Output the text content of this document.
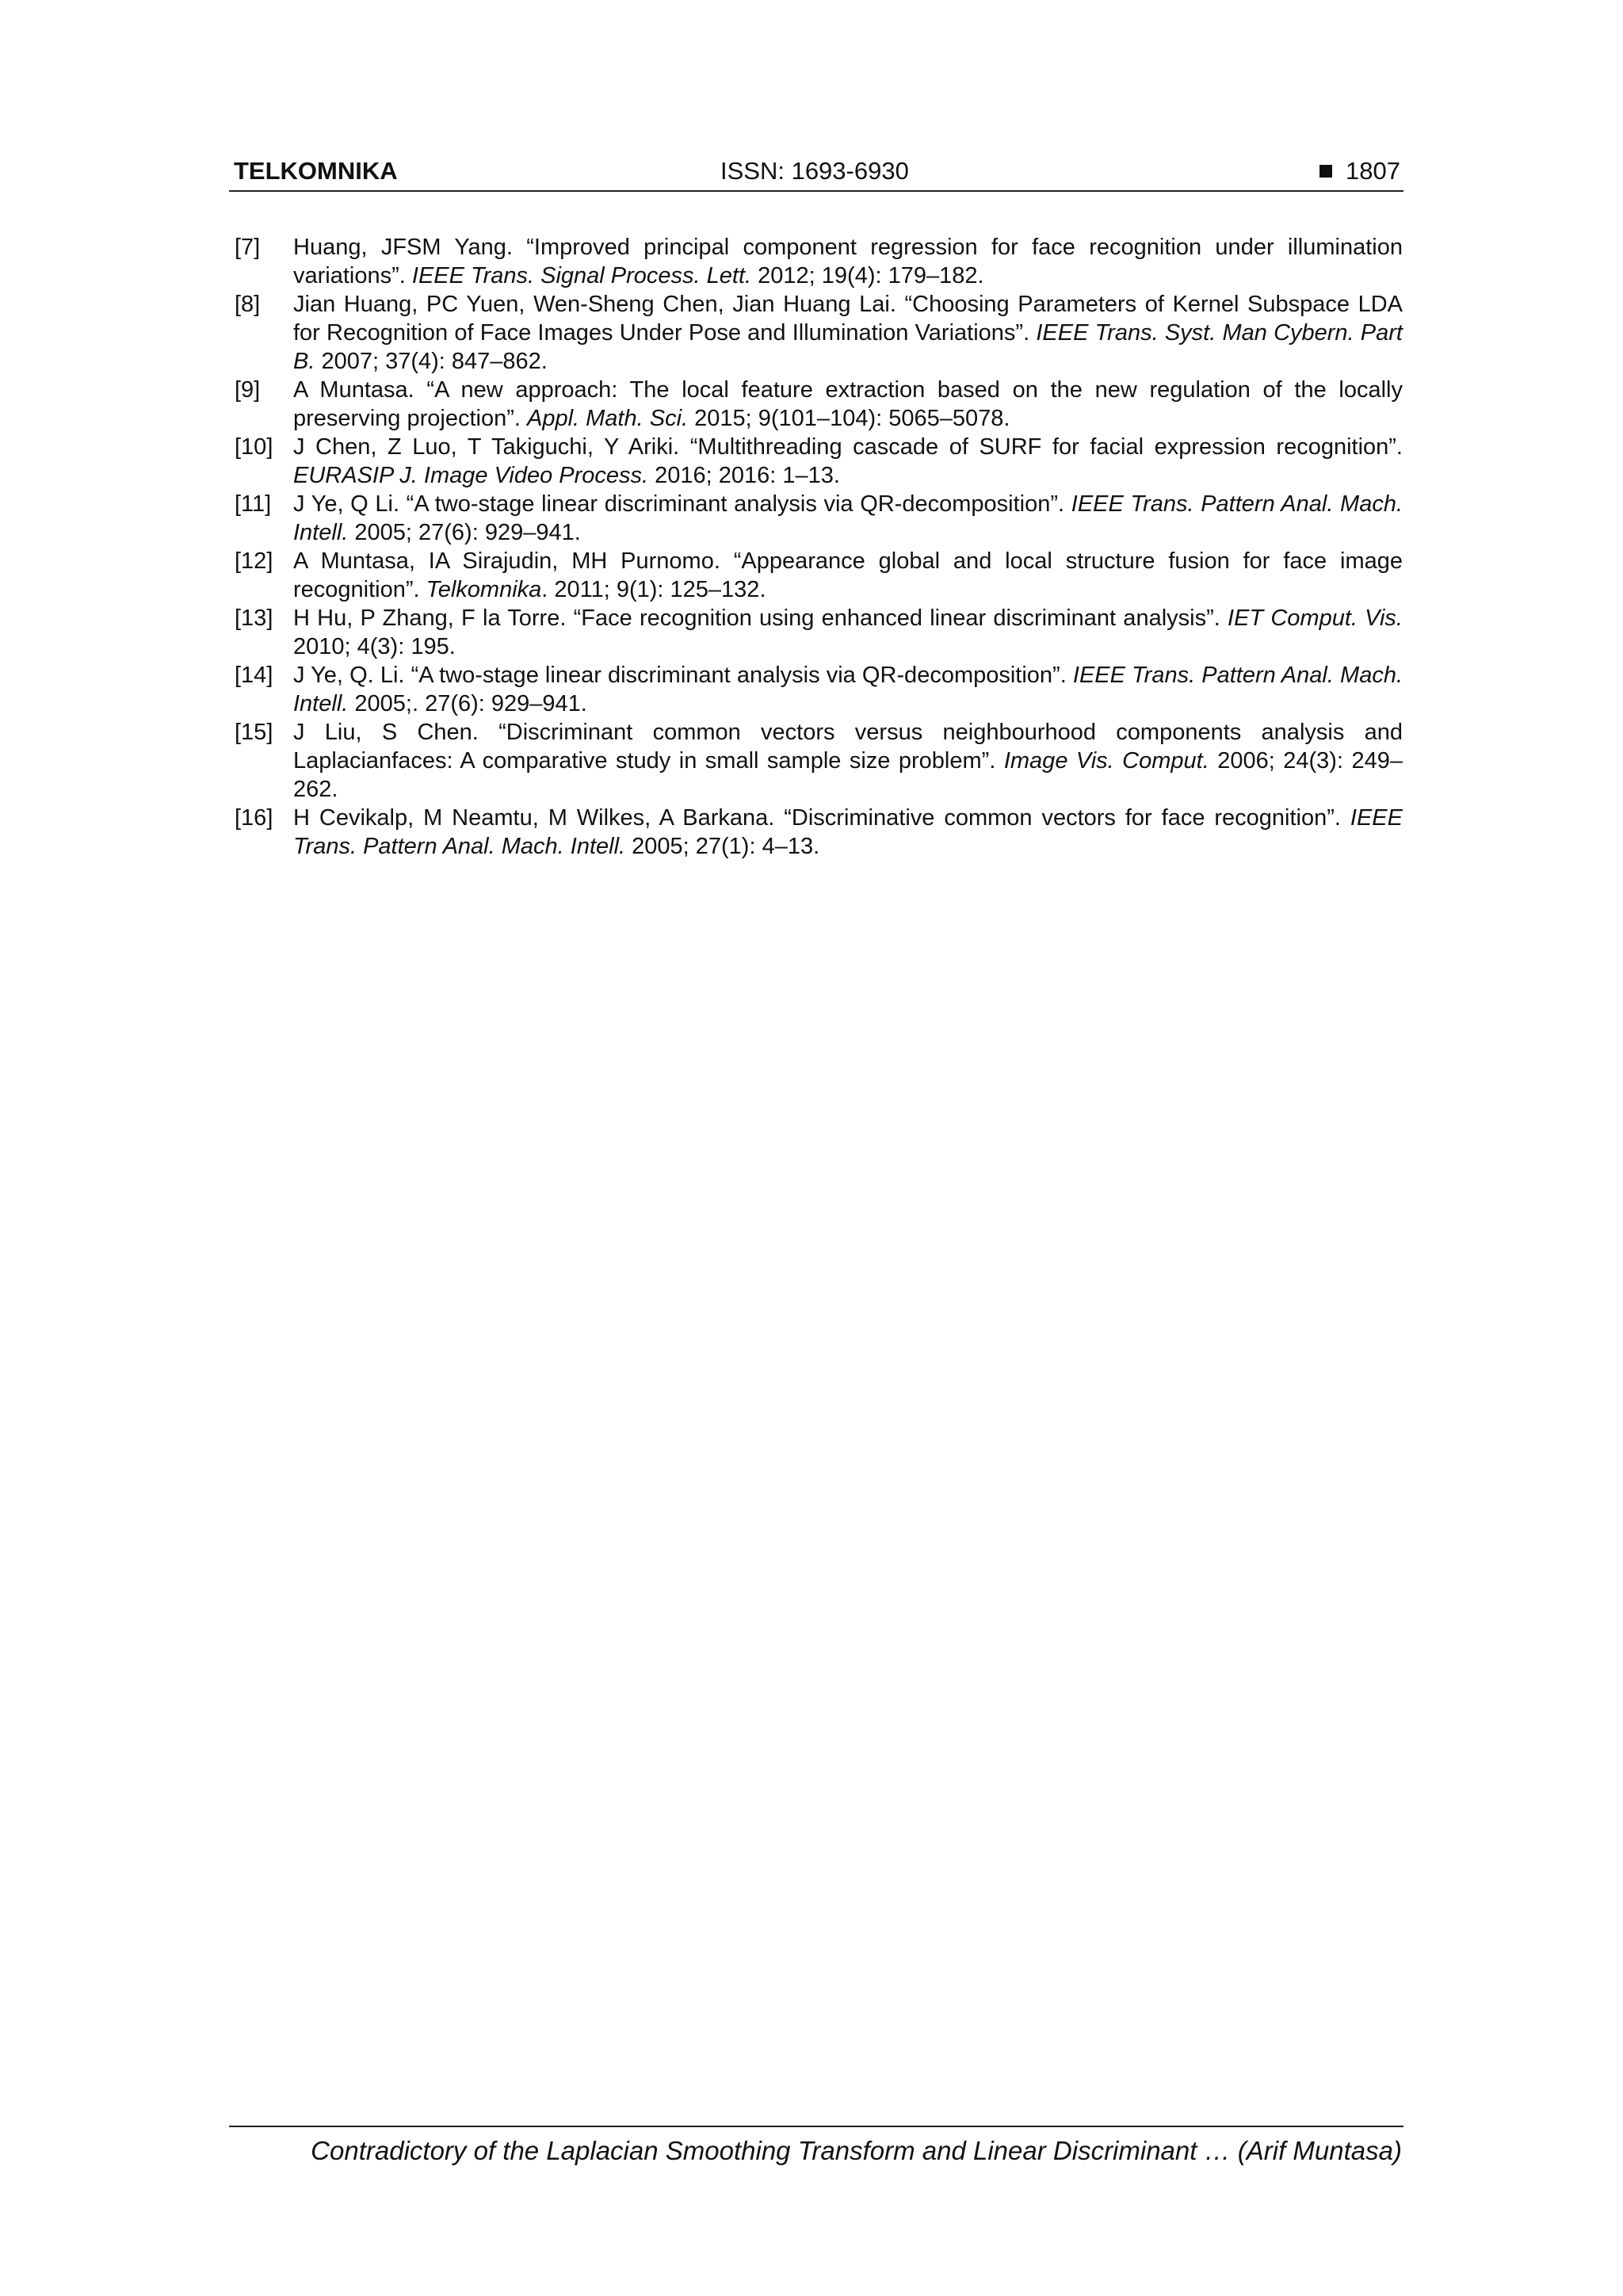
TELKOMNIKA	ISSN: 1693-6930	1807
[7] Huang, JFSM Yang. “Improved principal component regression for face recognition under illumination variations”. IEEE Trans. Signal Process. Lett. 2012; 19(4): 179–182.
[8] Jian Huang, PC Yuen, Wen-Sheng Chen, Jian Huang Lai. “Choosing Parameters of Kernel Subspace LDA for Recognition of Face Images Under Pose and Illumination Variations”. IEEE Trans. Syst. Man Cybern. Part B. 2007; 37(4): 847–862.
[9] A Muntasa. “A new approach: The local feature extraction based on the new regulation of the locally preserving projection”. Appl. Math. Sci. 2015; 9(101–104): 5065–5078.
[10] J Chen, Z Luo, T Takiguchi, Y Ariki. “Multithreading cascade of SURF for facial expression recognition”. EURASIP J. Image Video Process. 2016; 2016: 1–13.
[11] J Ye, Q Li. “A two-stage linear discriminant analysis via QR-decomposition”. IEEE Trans. Pattern Anal. Mach. Intell. 2005; 27(6): 929–941.
[12] A Muntasa, IA Sirajudin, MH Purnomo. “Appearance global and local structure fusion for face image recognition”. Telkomnika. 2011; 9(1): 125–132.
[13] H Hu, P Zhang, F la Torre. “Face recognition using enhanced linear discriminant analysis”. IET Comput. Vis. 2010; 4(3): 195.
[14] J Ye, Q. Li. “A two-stage linear discriminant analysis via QR-decomposition”. IEEE Trans. Pattern Anal. Mach. Intell. 2005;. 27(6): 929–941.
[15] J Liu, S Chen. “Discriminant common vectors versus neighbourhood components analysis and Laplacianfaces: A comparative study in small sample size problem”. Image Vis. Comput. 2006; 24(3): 249–262.
[16] H Cevikalp, M Neamtu, M Wilkes, A Barkana. “Discriminative common vectors for face recognition”. IEEE Trans. Pattern Anal. Mach. Intell. 2005; 27(1): 4–13.
Contradictory of the Laplacian Smoothing Transform and Linear Discriminant … (Arif Muntasa)
